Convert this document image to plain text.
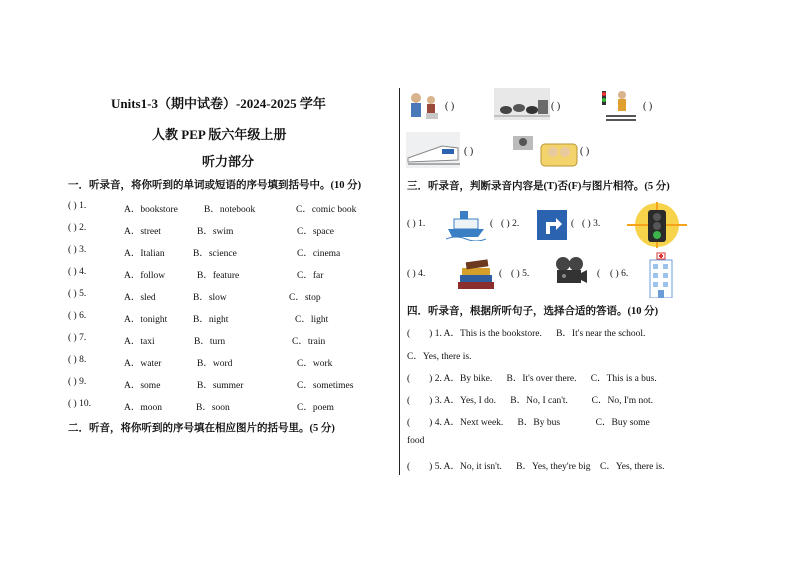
Units1-3（期中试卷）-2024-2025 学年
人教 PEP 版六年级上册
听力部分
一．听录音，将你听到的单词或短语的序号填到括号中。(10 分)
( ) 1.	A．bookstore	B．notebook	C．comic book
( ) 2.	A．street	B．swim	C．space
( ) 3.	A．Italian	B．science	C．cinema
( ) 4.	A．follow	B．feature	C．far
( ) 5.	A．sled	B．slow	C．stop
( ) 6.	A．tonight	B．night	C．light
( ) 7.	A．taxi	B．turn	C．train
( ) 8.	A．water	B．word	C．work
( ) 9.	A．some	B．summer	C．sometimes
( ) 10.	A．moon	B．soon	C．poem
二．听音，将你听到的序号填在相应图片的括号里。(5 分)
( )	( )	( )
( )	( )
三．听录音，判断录音内容是(T)否(F)与图片相符。(5 分)
( ) 1.	( ( ) 2.	( ( ) 3.
( ) 4.	( ( ) 5.	( ( ) 6.
四．听录音，根据所听句子，选择合适的答语。(10 分)
(        ) 1. A．This is the bookstore.      B．It's near the school.
C．Yes, there is.
(        ) 2. A．By bike.      B．It's over there.      C．This is a bus.
(        ) 3. A．Yes, I do.      B．No, I can't.          C．No, I'm not.
(        ) 4. A．Next week.      B．By bus               C．Buy some
food
(        ) 5. A．No, it isn't.      B．Yes, they're big    C．Yes, there is.
